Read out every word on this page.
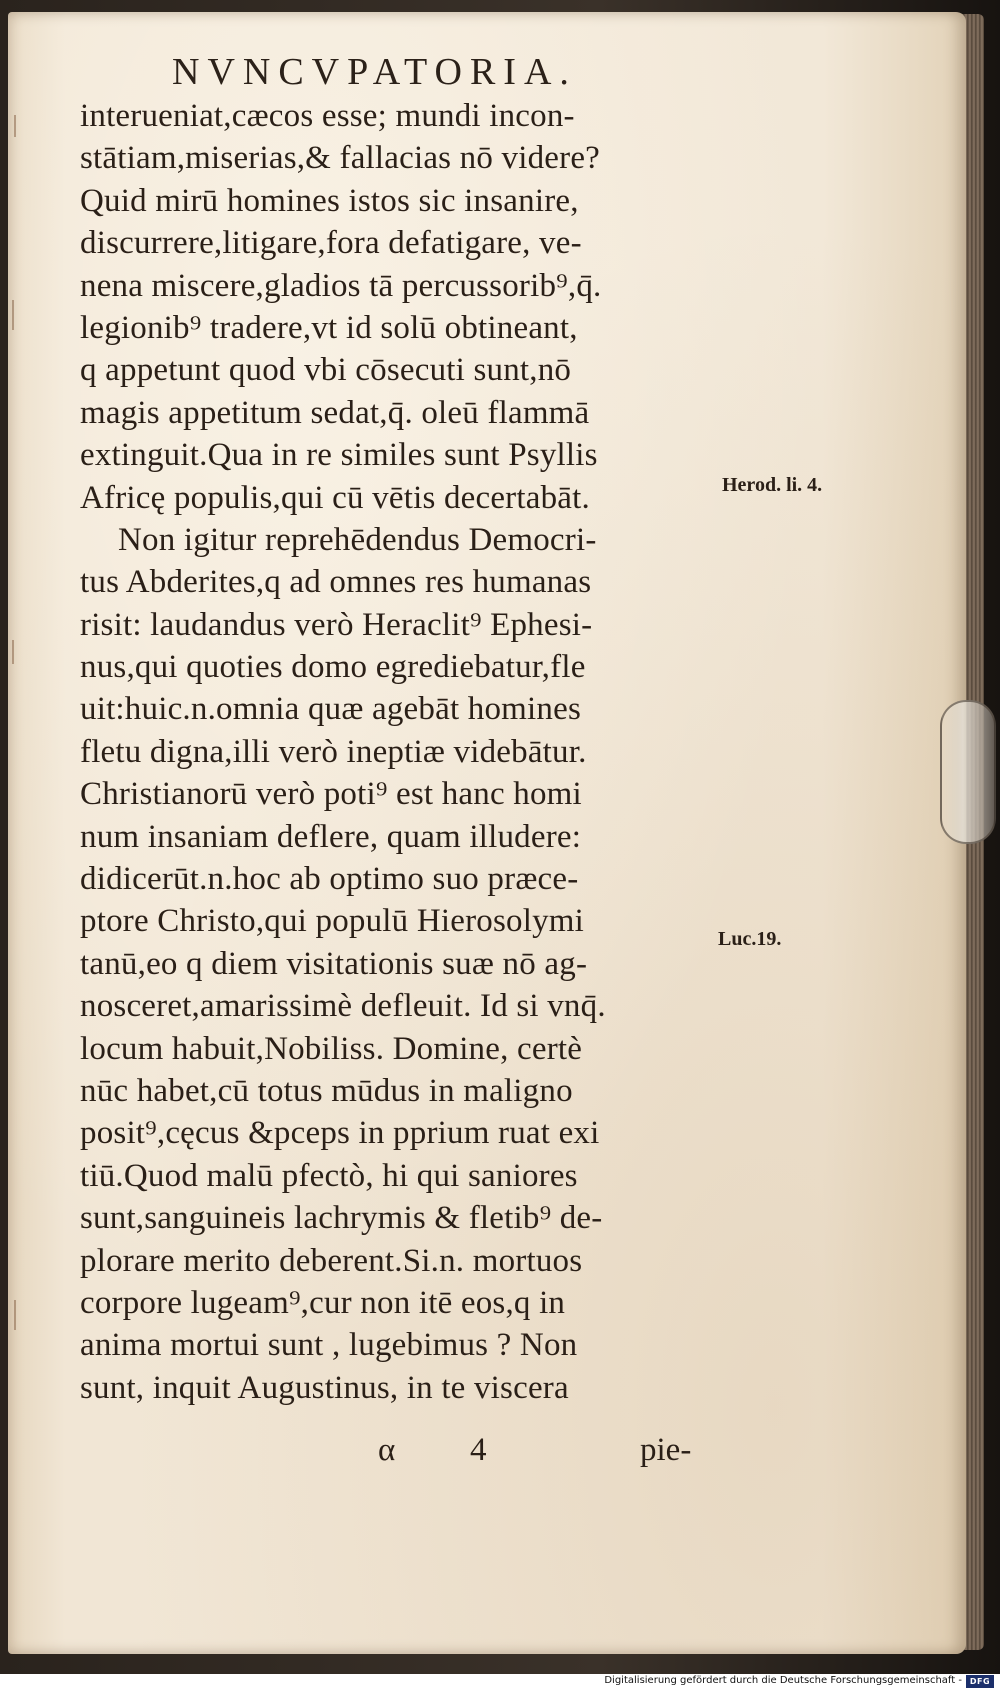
NVNCVPATORIA.
interueniat,cæcos esse; mundi incon-
stātiam,miserias,& fallacias nō videre?
Quid mirū homines istos sic insanire,
discurrere,litigare,fora defatigare, ve-
nena miscere,gladios tā percussorib⁹,q̄.
legionib⁹ tradere,vt id solū obtineant,
q appetunt quod vbi cōsecuti sunt,nō
magis appetitum sedat,q̄. oleū flammā
extinguit.Qua in re similes sunt Psyllis
Africę populis,qui cū vētis decertabāt.
Non igitur reprehēdendus Democri-
tus Abderites,q ad omnes res humanas
risit: laudandus verò Heraclit⁹ Ephesi-
nus,qui quoties domo egrediebatur,fle
uit:huic.n.omnia quæ agebāt homines
fletu digna,illi verò ineptiæ videbātur.
Christianorū verò poti⁹ est hanc homi
num insaniam deflere, quam illudere:
didicerūt.n.hoc ab optimo suo præce-
ptore Christo,qui populū Hierosolymi
tanū,eo q diem visitationis suæ nō ag-
nosceret,amarissimè defleuit. Id si vnq̄.
locum habuit,Nobiliss. Domine, certè
nūc habet,cū totus mūdus in maligno
posit⁹,cęcus &pceps in pprium ruat exi
tiū.Quod malū pfectò, hi qui saniores
sunt,sanguineis lachrymis & fletib⁹ de-
plorare merito deberent.Si.n. mortuos
corpore lugeam⁹,cur non itē eos,q in
anima mortui sunt , lugebimus ? Non
sunt, inquit Augustinus, in te viscera
Herod. li. 4.
Luc.19.
α 4	pie-
Digitalisierung gefördert durch die Deutsche Forschungsgemeinschaft - DFG
